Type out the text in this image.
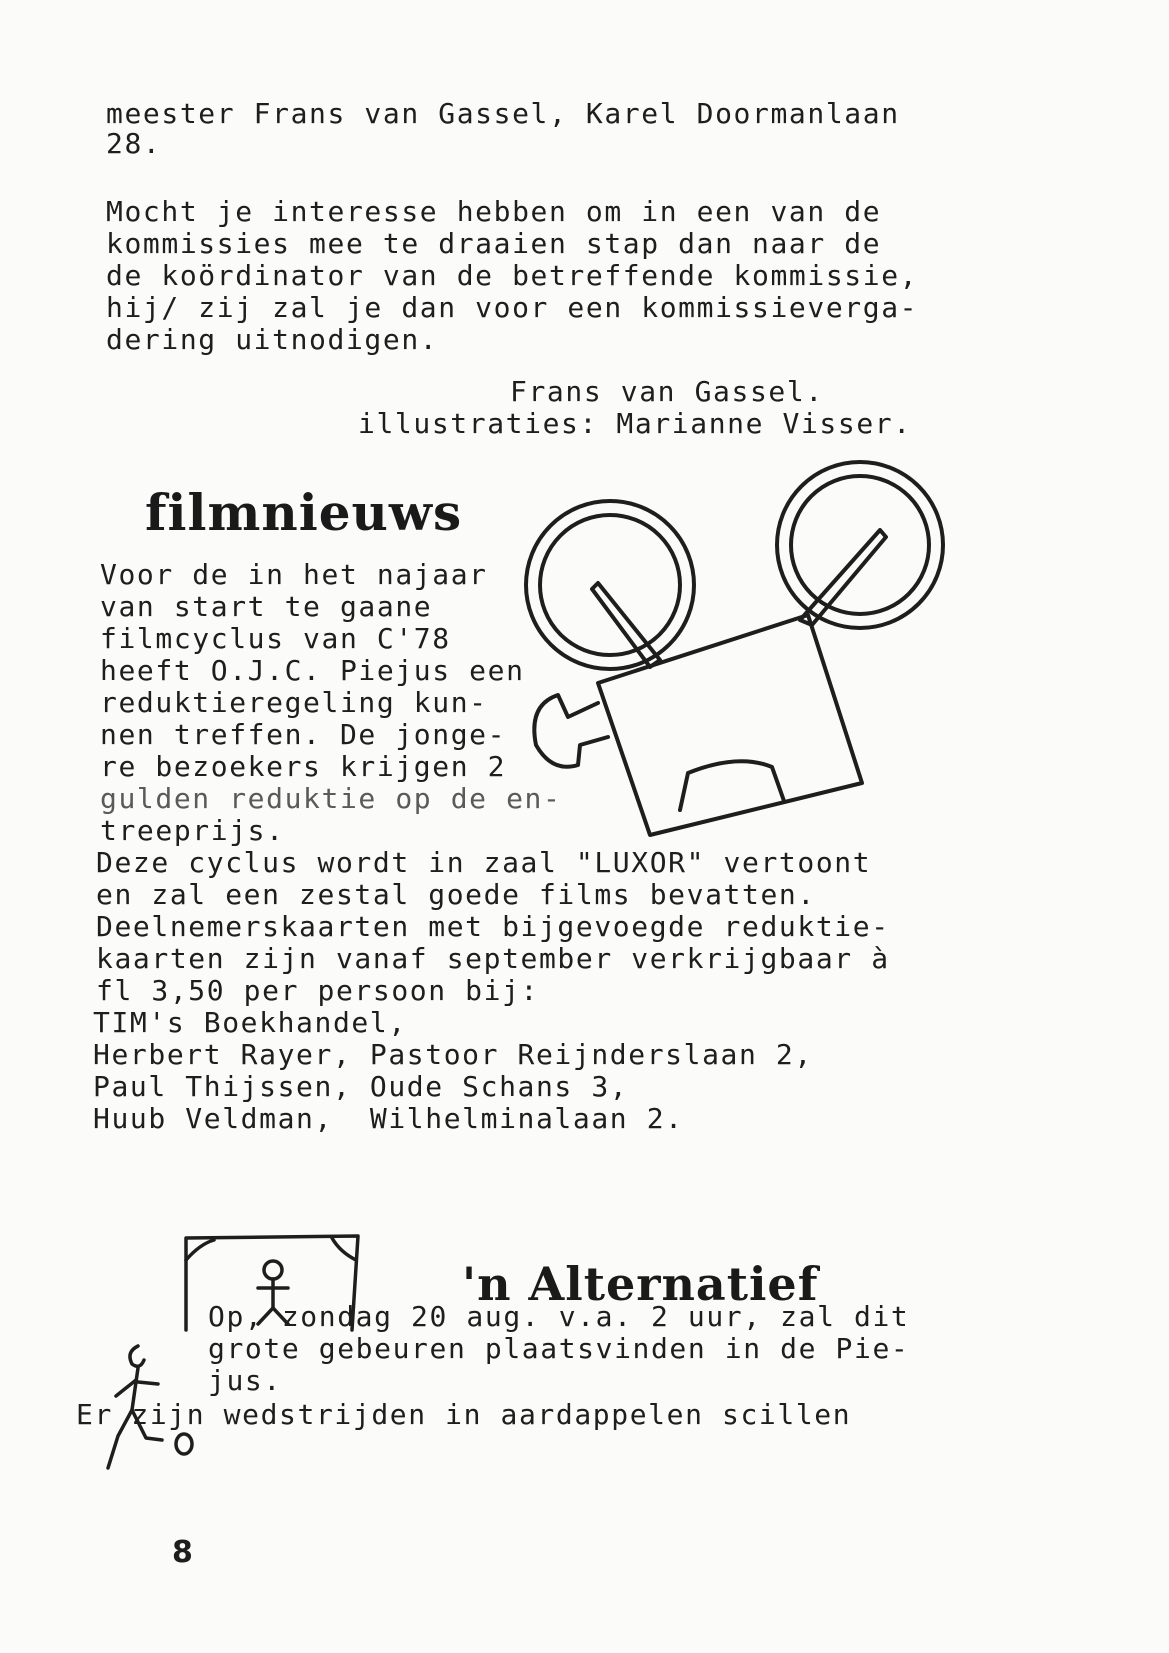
meester Frans van Gassel, Karel Doormanlaan

28.

Mocht je interesse hebben om in een van de

kommissies mee te draaien stap dan naar de

de koördinator van de betreffende kommissie,

hij/ zij zal je dan voor een kommissieverga-

dering uitnodigen.

Frans van Gassel.

illustraties: Marianne Visser.

filmnieuws

Voor de in het najaar

van start te gaane

filmcyclus van C'78

heeft O.J.C. Piejus een

reduktieregeling kun-

nen treffen. De jonge-

re bezoekers krijgen 2

gulden reduktie op de en-

treeprijs.

Deze cyclus wordt in zaal "LUXOR" vertoont

en zal een zestal goede films bevatten.

Deelnemerskaarten met bijgevoegde reduktie-

kaarten zijn vanaf september verkrijgbaar à

fl 3,50 per persoon bij:

TIM's Boekhandel,

Herbert Rayer, Pastoor Reijnderslaan 2,

Paul Thijssen, Oude Schans 3,

Huub Veldman,  Wilhelminalaan 2.

'n Alternatief

Op, zondag 20 aug. v.a. 2 uur, zal dit

grote gebeuren plaatsvinden in de Pie-

jus.

Er zijn wedstrijden in aardappelen scillen

8
